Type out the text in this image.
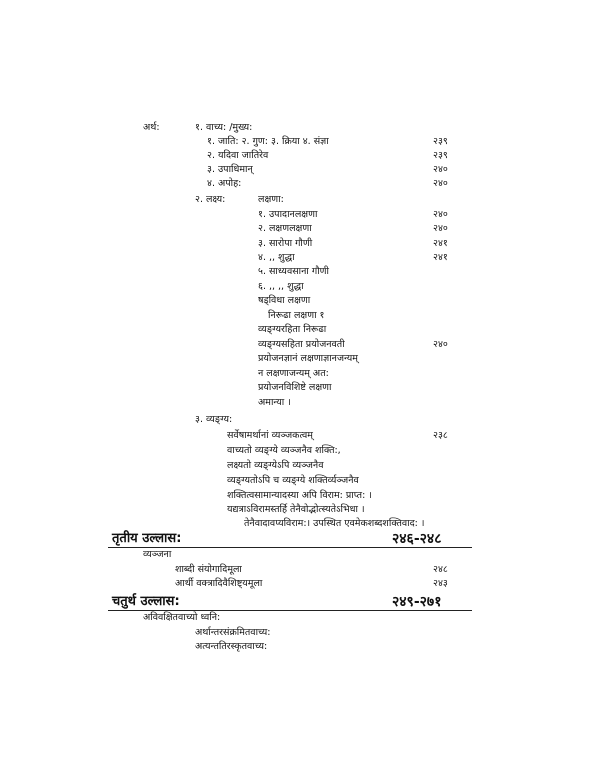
अर्थ:	१. वाच्य: /मुख्य:
१. जाति: २. गुण: ३. क्रिया ४. संज्ञा	२३९
२. यदिवा जातिरेव	२३९
३. उपाधिमान्	२४०
४. अपोह:	२४०
२. लक्ष्य:	लक्षणा:
१. उपादानलक्षणा	२४०
२. लक्षणलक्षणा	२४०
३. सारोपा गौणी	२४१
४. ,, शुद्धा	२४१
५. साध्यवसाना गौणी
६. ,, ,, शुद्धा
षड्विधा लक्षणा
निरूढा लक्षणा १
व्यङ्ग्यरहिता निरूढा
व्यङ्ग्यसहिता प्रयोजनवती	२४०
प्रयोजनज्ञानं लक्षणाज्ञानजन्यम्
न लक्षणाजन्यम् अत:
प्रयोजनविशिष्टे लक्षणा
अमान्या ।
३. व्यङ्ग्य:
सर्वेषामर्थानां व्यञ्जकत्वम्	२३८
वाच्यतो व्यङ्ग्ये व्यञ्जनैव शक्ति:,
लक्ष्यतो व्यङ्ग्येऽपि व्यञ्जनैव
व्यङ्ग्यतोऽपि च व्यङ्ग्ये शक्तिर्व्यञ्जनैव
शक्तित्वसामान्यादस्या अपि विराम: प्राप्त: ।
यद्यत्राऽविरामस्तर्हि तेनैवोद्भोत्स्यतेऽभिधा ।
तेनैवादावप्यविराम:। उपस्थित एवमेकशब्दशक्तिवाद: ।
तृतीय उल्लास:	२४६-२४८
व्यञ्जना
शाब्दी संयोगादिमूला	२४८
आर्थी वक्त्रादिवैशिष्ट्यमूला	२४३
चतुर्थ उल्लास:	२४९-२७१
अविवक्षितवाच्यो ध्वनि:
अर्थान्तरसंक्रमितवाच्य:
अत्यन्ततिरस्कृतवाच्य:
